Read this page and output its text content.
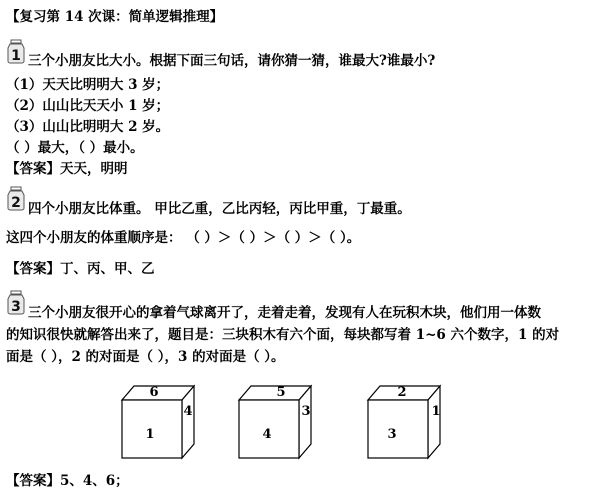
【复习第 14 次课：简单逻辑推理】
1 三个小朋友比大小。根据下面三句话，请你猜一猜，谁最大?谁最小?
（1）天天比明明大 3 岁；
（2）山山比天天小 1 岁；
（3）山山比明明大 2 岁。
（ ）最大，（ ）最小。
【答案】天天，明明
2 四个小朋友比体重。 甲比乙重，乙比丙轻，丙比甲重，丁最重。
这四个小朋友的体重顺序是： （ ）＞（ ）＞（ ）＞（ ）。
【答案】丁、丙、甲、乙
3 三个小朋友很开心的拿着气球离开了，走着走着，发现有人在玩积木块，他们用一体数
的知识很快就解答出来了，题目是：三块积木有六个面，每块都写着 1~6 六个数字，1 的对
面是（ ），2 的对面是（ ），3 的对面是（ ）。
6
4
1
5
3
4
2
1
3
【答案】5、4、6；
